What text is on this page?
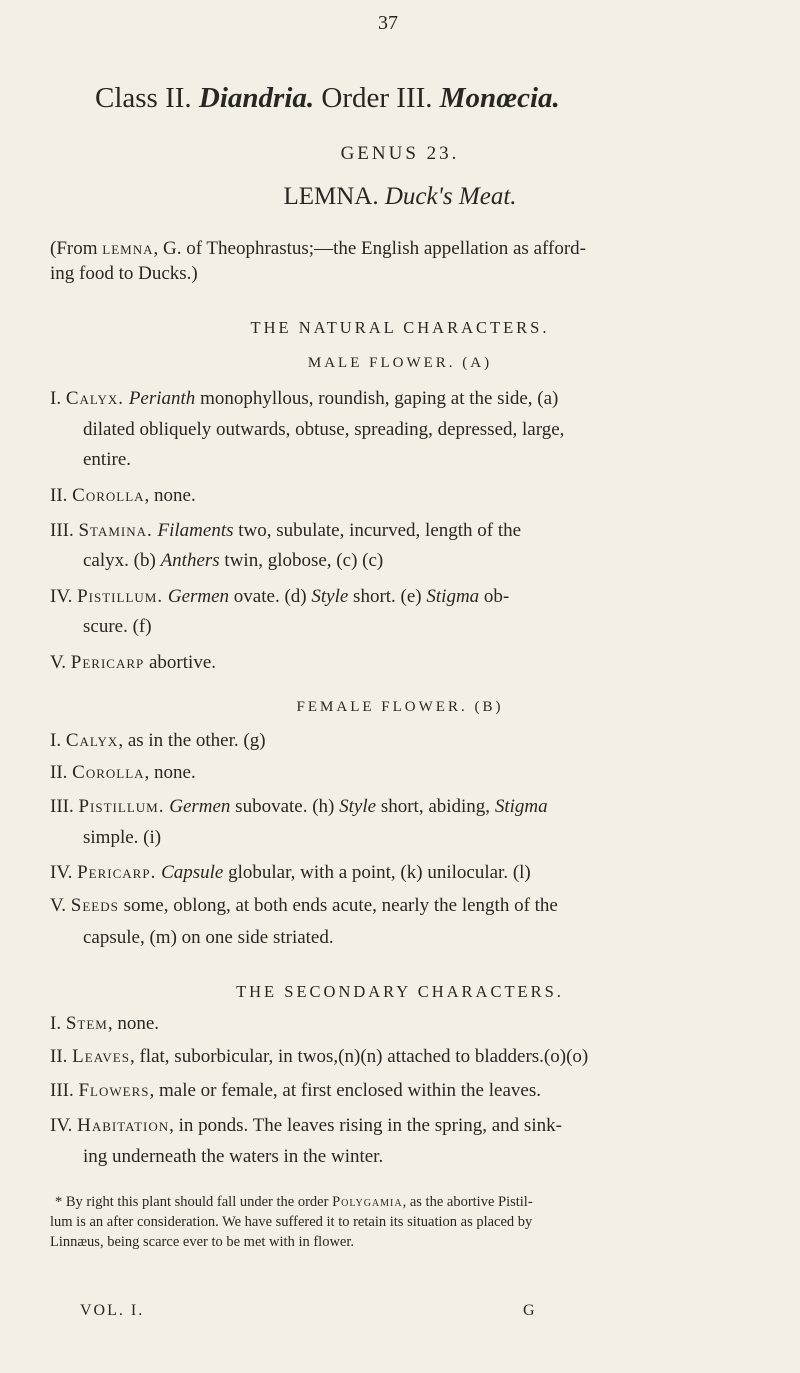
37
Class II. Diandria. Order III. Monœcia.
GENUS 23.
LEMNA. Duck's Meat.
(From lemna, G. of Theophrastus;—the English appellation as afford-
ing food to Ducks.)
THE NATURAL CHARACTERS.
MALE FLOWER. (A)
I. Calyx. Perianth monophyllous, roundish, gaping at the side, (a)
dilated obliquely outwards, obtuse, spreading, depressed, large,
entire.
II. Corolla, none.
III. Stamina. Filaments two, subulate, incurved, length of the
calyx. (b) Anthers twin, globose, (c) (c)
IV. Pistillum. Germen ovate. (d) Style short. (e) Stigma ob-
scure. (f)
V. Pericarp abortive.
FEMALE FLOWER. (B)
I. Calyx, as in the other. (g)
II. Corolla, none.
III. Pistillum. Germen subovate. (h) Style short, abiding, Stigma
simple. (i)
IV. Pericarp. Capsule globular, with a point, (k) unilocular. (l)
V. Seeds some, oblong, at both ends acute, nearly the length of the
capsule, (m) on one side striated.
THE SECONDARY CHARACTERS.
I. Stem, none.
II. Leaves, flat, suborbicular, in twos,(n)(n) attached to bladders.(o)(o)
III. Flowers, male or female, at first enclosed within the leaves.
IV. Habitation, in ponds. The leaves rising in the spring, and sink-
ing underneath the waters in the winter.
* By right this plant should fall under the order Polygamia, as the abortive Pistil-
lum is an after consideration. We have suffered it to retain its situation as placed by
Linnæus, being scarce ever to be met with in flower.
VOL. I.	G
